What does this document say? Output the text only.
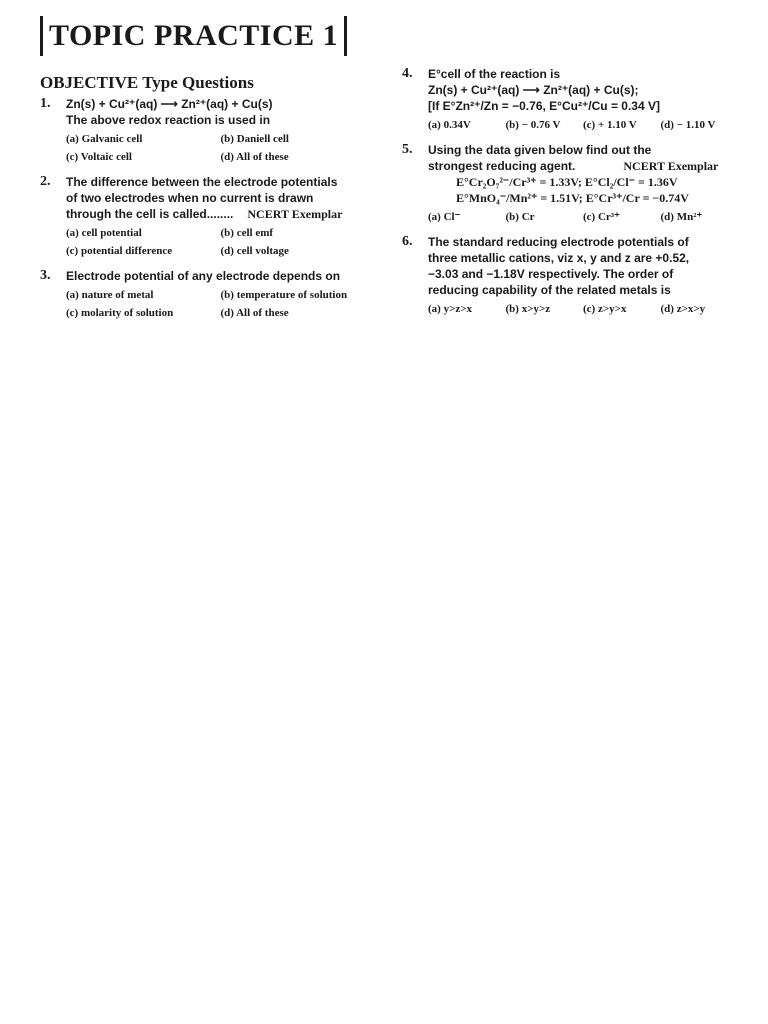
TOPIC PRACTICE 1
OBJECTIVE Type Questions
1. Zn(s) + Cu²⁺(aq) ⟶ Zn²⁺(aq) + Cu(s)
The above redox reaction is used in
(a) Galvanic cell	(b) Daniell cell
(c) Voltaic cell	(d) All of these
2. The difference between the electrode potentials
of two electrodes when no current is drawn
through the cell is called........ NCERT Exemplar
(a) cell potential	(b) cell emf
(c) potential difference	(d) cell voltage
3. Electrode potential of any electrode depends on
(a) nature of metal	(b) temperature of solution
(c) molarity of solution	(d) All of these
4. E°cell of the reaction is
Zn(s) + Cu²⁺(aq) ⟶ Zn²⁺(aq) + Cu(s);
[If E°Zn²⁺/Zn = −0.76, E°Cu²⁺/Cu = 0.34 V]
(a) 0.34V	(b) − 0.76 V	(c) + 1.10 V	(d) − 1.10 V
5. Using the data given below find out the
strongest reducing agent.	NCERT Exemplar
E°Cr₂O₇²⁻/Cr³⁺ = 1.33V; E°Cl₂/Cl⁻ = 1.36V
E°MnO₄⁻/Mn²⁺ = 1.51V; E°Cr³⁺/Cr = −0.74V
(a) Cl⁻	(b) Cr	(c) Cr³⁺	(d) Mn²⁺
6. The standard reducing electrode potentials of
three metallic cations, viz x, y and z are +0.52,
−3.03 and −1.18V respectively. The order of
reducing capability of the related metals is
(a) y>z>x	(b) x>y>z	(c) z>y>x	(d) z>x>y
